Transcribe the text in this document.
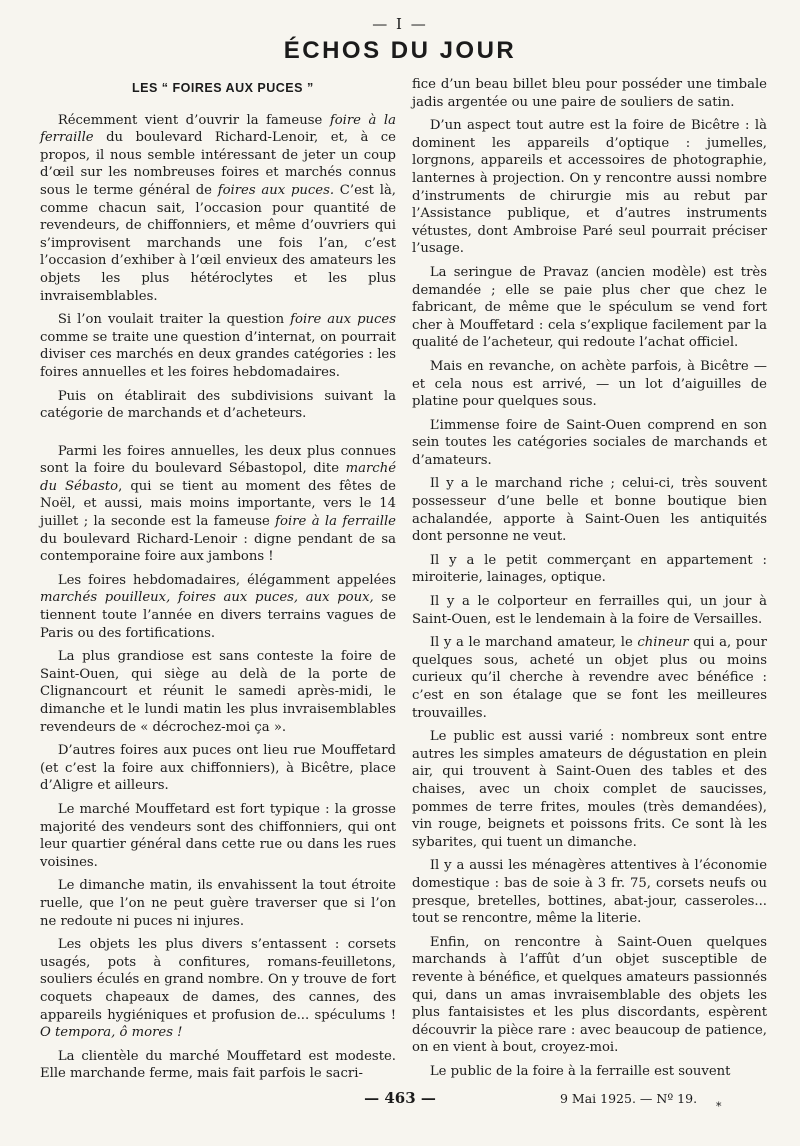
— I —
ÉCHOS DU JOUR
LES “ FOIRES AUX PUCES ”

Récemment vient d’ouvrir la fameuse foire à la ferraille du boulevard Richard-Lenoir, et, à ce propos, il nous semble intéressant de jeter un coup d’œil sur les nombreuses foires et marchés connus sous le terme général de foires aux puces. C’est là, comme chacun sait, l’occasion pour quantité de revendeurs, de chiffonniers, et même d’ouvriers qui s’improvisent marchands une fois l’an, c’est l’occasion d’exhiber à l’œil envieux des amateurs les objets les plus hétéroclytes et les plus invraisemblables.

Si l’on voulait traiter la question foire aux puces comme se traite une question d’internat, on pourrait diviser ces marchés en deux grandes catégories : les foires annuelles et les foires hebdomadaires.

Puis on établirait des subdivisions suivant la catégorie de marchands et d’acheteurs.

Parmi les foires annuelles, les deux plus connues sont la foire du boulevard Sébastopol, dite marché du Sébasto, qui se tient au moment des fêtes de Noël, et aussi, mais moins importante, vers le 14 juillet ; la seconde est la fameuse foire à la ferraille du boulevard Richard-Lenoir : digne pendant de sa contemporaine foire aux jambons !

Les foires hebdomadaires, élégamment appelées marchés pouilleux, foires aux puces, aux poux, se tiennent toute l’année en divers terrains vagues de Paris ou des fortifications.

La plus grandiose est sans conteste la foire de Saint-Ouen, qui siège au delà de la porte de Clignancourt et réunit le samedi après-midi, le dimanche et le lundi matin les plus invraisemblables revendeurs de « décrochez-moi ça ».

D’autres foires aux puces ont lieu rue Mouffetard (et c’est la foire aux chiffonniers), à Bicêtre, place d’Aligre et ailleurs.

Le marché Mouffetard est fort typique : la grosse majorité des vendeurs sont des chiffonniers, qui ont leur quartier général dans cette rue ou dans les rues voisines.

Le dimanche matin, ils envahissent la tout étroite ruelle, que l’on ne peut guère traverser que si l’on ne redoute ni puces ni injures.

Les objets les plus divers s’entassent : corsets usagés, pots à confitures, romans-feuilletons, souliers éculés en grand nombre. On y trouve de fort coquets chapeaux de dames, des cannes, des appareils hygiéniques et profusion de... spéculums ! O tempora, ô mores !

La clientèle du marché Mouffetard est modeste. Elle marchande ferme, mais fait parfois le sacri-

fice d’un beau billet bleu pour posséder une timbale jadis argentée ou une paire de souliers de satin.

D’un aspect tout autre est la foire de Bicêtre : là dominent les appareils d’optique : jumelles, lorgnons, appareils et accessoires de photographie, lanternes à projection. On y rencontre aussi nombre d’instruments de chirurgie mis au rebut par l’Assistance publique, et d’autres instruments vétustes, dont Ambroise Paré seul pourrait préciser l’usage.

La seringue de Pravaz (ancien modèle) est très demandée ; elle se paie plus cher que chez le fabricant, de même que le spéculum se vend fort cher à Mouffetard : cela s’explique facilement par la qualité de l’acheteur, qui redoute l’achat officiel.

Mais en revanche, on achète parfois, à Bicêtre — et cela nous est arrivé, — un lot d’aiguilles de platine pour quelques sous.

L’immense foire de Saint-Ouen comprend en son sein toutes les catégories sociales de marchands et d’amateurs.

Il y a le marchand riche ; celui-ci, très souvent possesseur d’une belle et bonne boutique bien achalandée, apporte à Saint-Ouen les antiquités dont personne ne veut.

Il y a le petit commerçant en appartement : miroiterie, lainages, optique.

Il y a le colporteur en ferrailles qui, un jour à Saint-Ouen, est le lendemain à la foire de Versailles.

Il y a le marchand amateur, le chineur qui a, pour quelques sous, acheté un objet plus ou moins curieux qu’il cherche à revendre avec bénéfice : c’est en son étalage que se font les meilleures trouvailles.

Le public est aussi varié : nombreux sont entre autres les simples amateurs de dégustation en plein air, qui trouvent à Saint-Ouen des tables et des chaises, avec un choix complet de saucisses, pommes de terre frites, moules (très demandées), vin rouge, beignets et poissons frits. Ce sont là les sybarites, qui tuent un dimanche.

Il y a aussi les ménagères attentives à l’économie domestique : bas de soie à 3 fr. 75, corsets neufs ou presque, bretelles, bottines, abat-jour, casseroles... tout se rencontre, même la literie.

Enfin, on rencontre à Saint-Ouen quelques marchands à l’affût d’un objet susceptible de revente à bénéfice, et quelques amateurs passionnés qui, dans un amas invraisemblable des objets les plus fantaisistes et les plus discordants, espèrent découvrir la pièce rare : avec beaucoup de patience, on en vient à bout, croyez-moi.

Le public de la foire à la ferraille est souvent

— 463 —	9 Mai 1925. — Nº 19.
*
